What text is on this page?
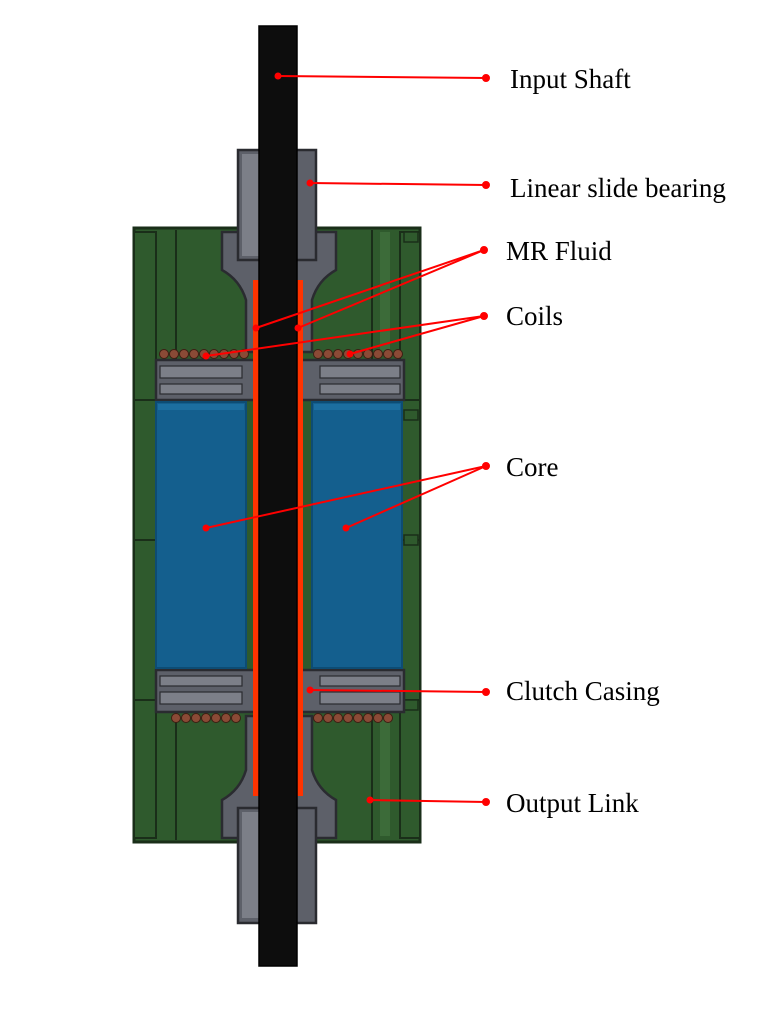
Input Shaft
Linear slide bearing
MR Fluid
Coils
Core
Clutch Casing
Output Link
